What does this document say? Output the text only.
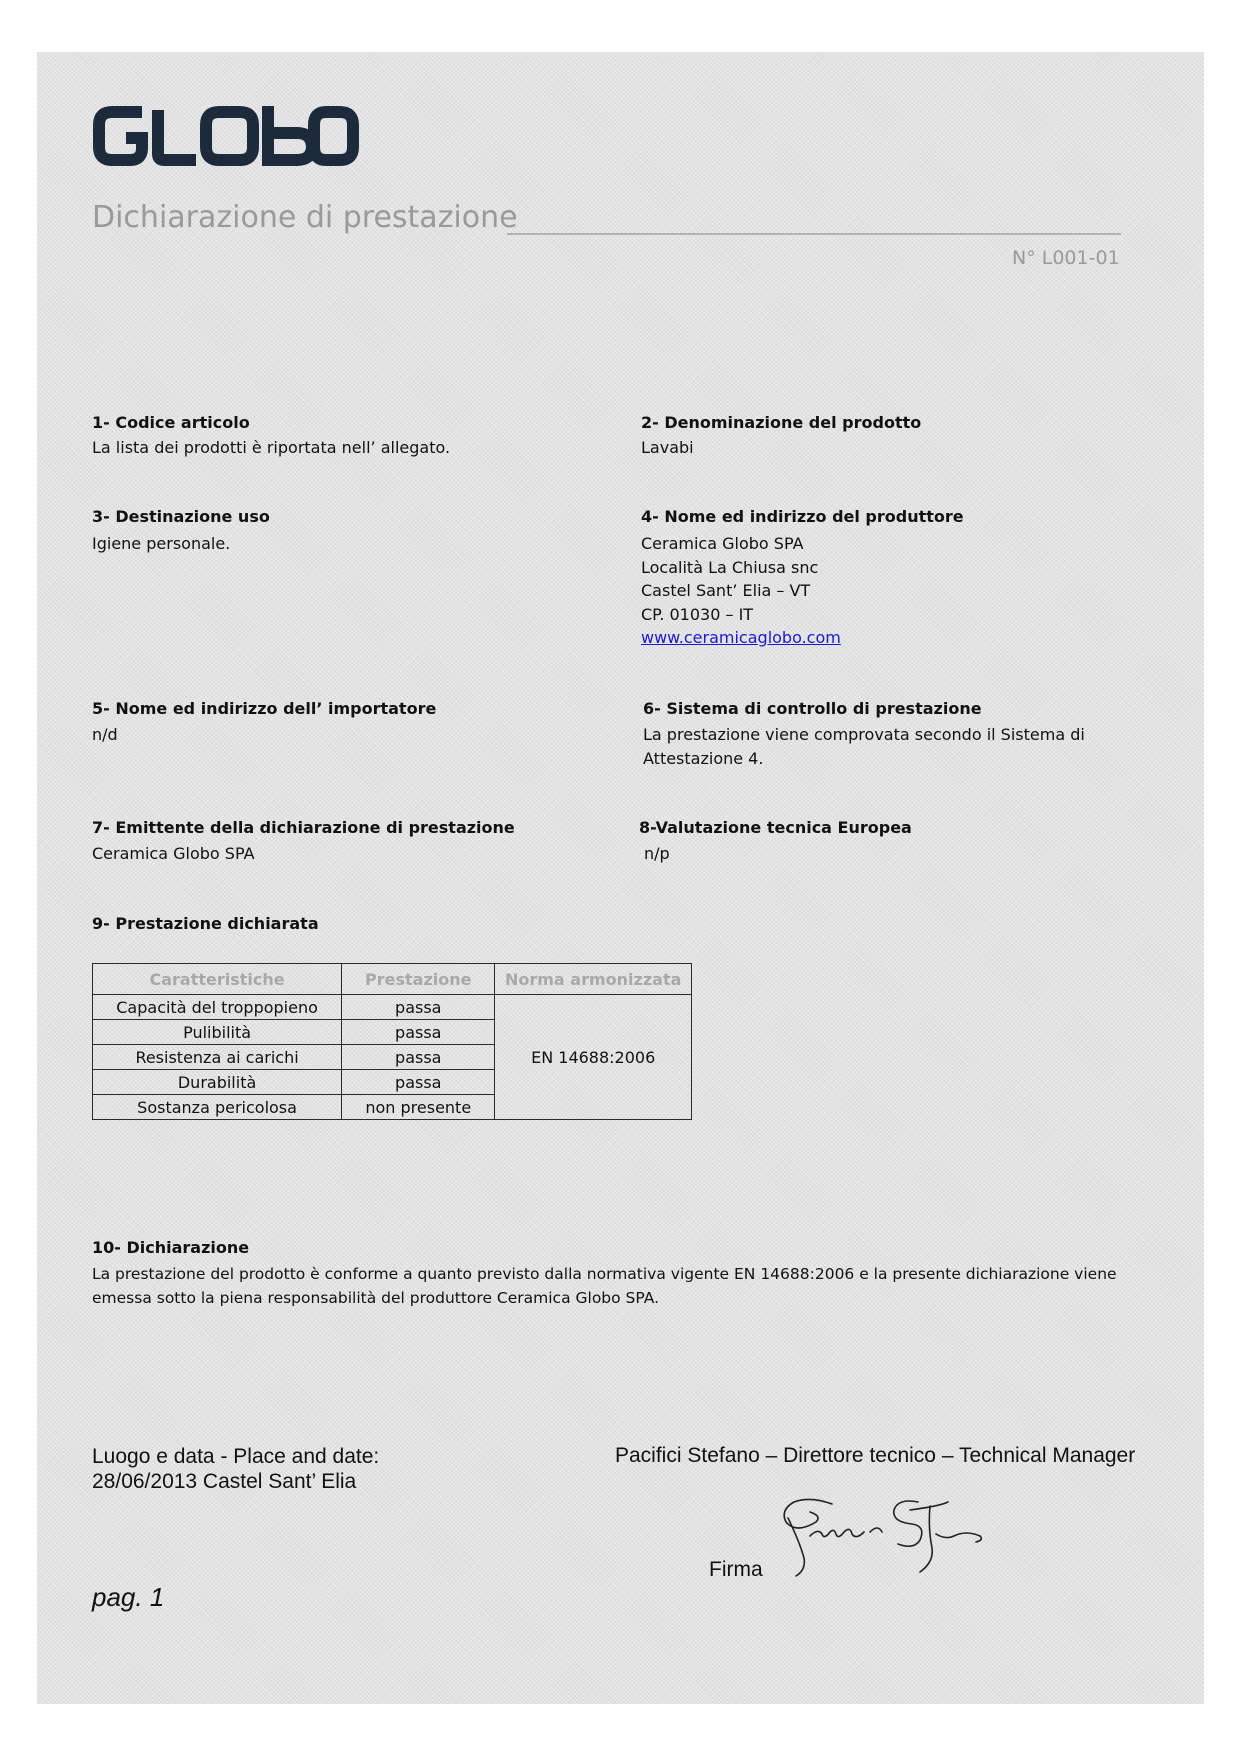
Dichiarazione di prestazione
N° L001-01
1- Codice articolo
La lista dei prodotti è riportata nell’ allegato.
2- Denominazione del prodotto
Lavabi
3- Destinazione uso
Igiene personale.
4- Nome ed indirizzo del produttore
Ceramica Globo SPA
Località La Chiusa snc
Castel Sant’ Elia – VT
CP. 01030 – IT
www.ceramicaglobo.com
5- Nome ed indirizzo dell’ importatore
n/d
6- Sistema di controllo di prestazione
La prestazione viene comprovata secondo il Sistema di
Attestazione 4.
7- Emittente della dichiarazione di prestazione
Ceramica Globo SPA
8-Valutazione tecnica Europea
n/p
9- Prestazione dichiarata
Caratteristiche	Prestazione	Norma armonizzata
Capacità del troppopieno	passa	EN 14688:2006
Pulibilità	passa	
Resistenza ai carichi	passa	
Durabilità	passa	
Sostanza pericolosa	non presente	
10- Dichiarazione
La prestazione del prodotto è conforme a quanto previsto dalla normativa vigente EN 14688:2006 e la presente dichiarazione viene
emessa sotto la piena responsabilità del produttore Ceramica Globo SPA.
Luogo e data - Place and date:
28/06/2013 Castel Sant’ Elia
Pacifici Stefano – Direttore tecnico – Technical Manager
Firma
pag. 1
